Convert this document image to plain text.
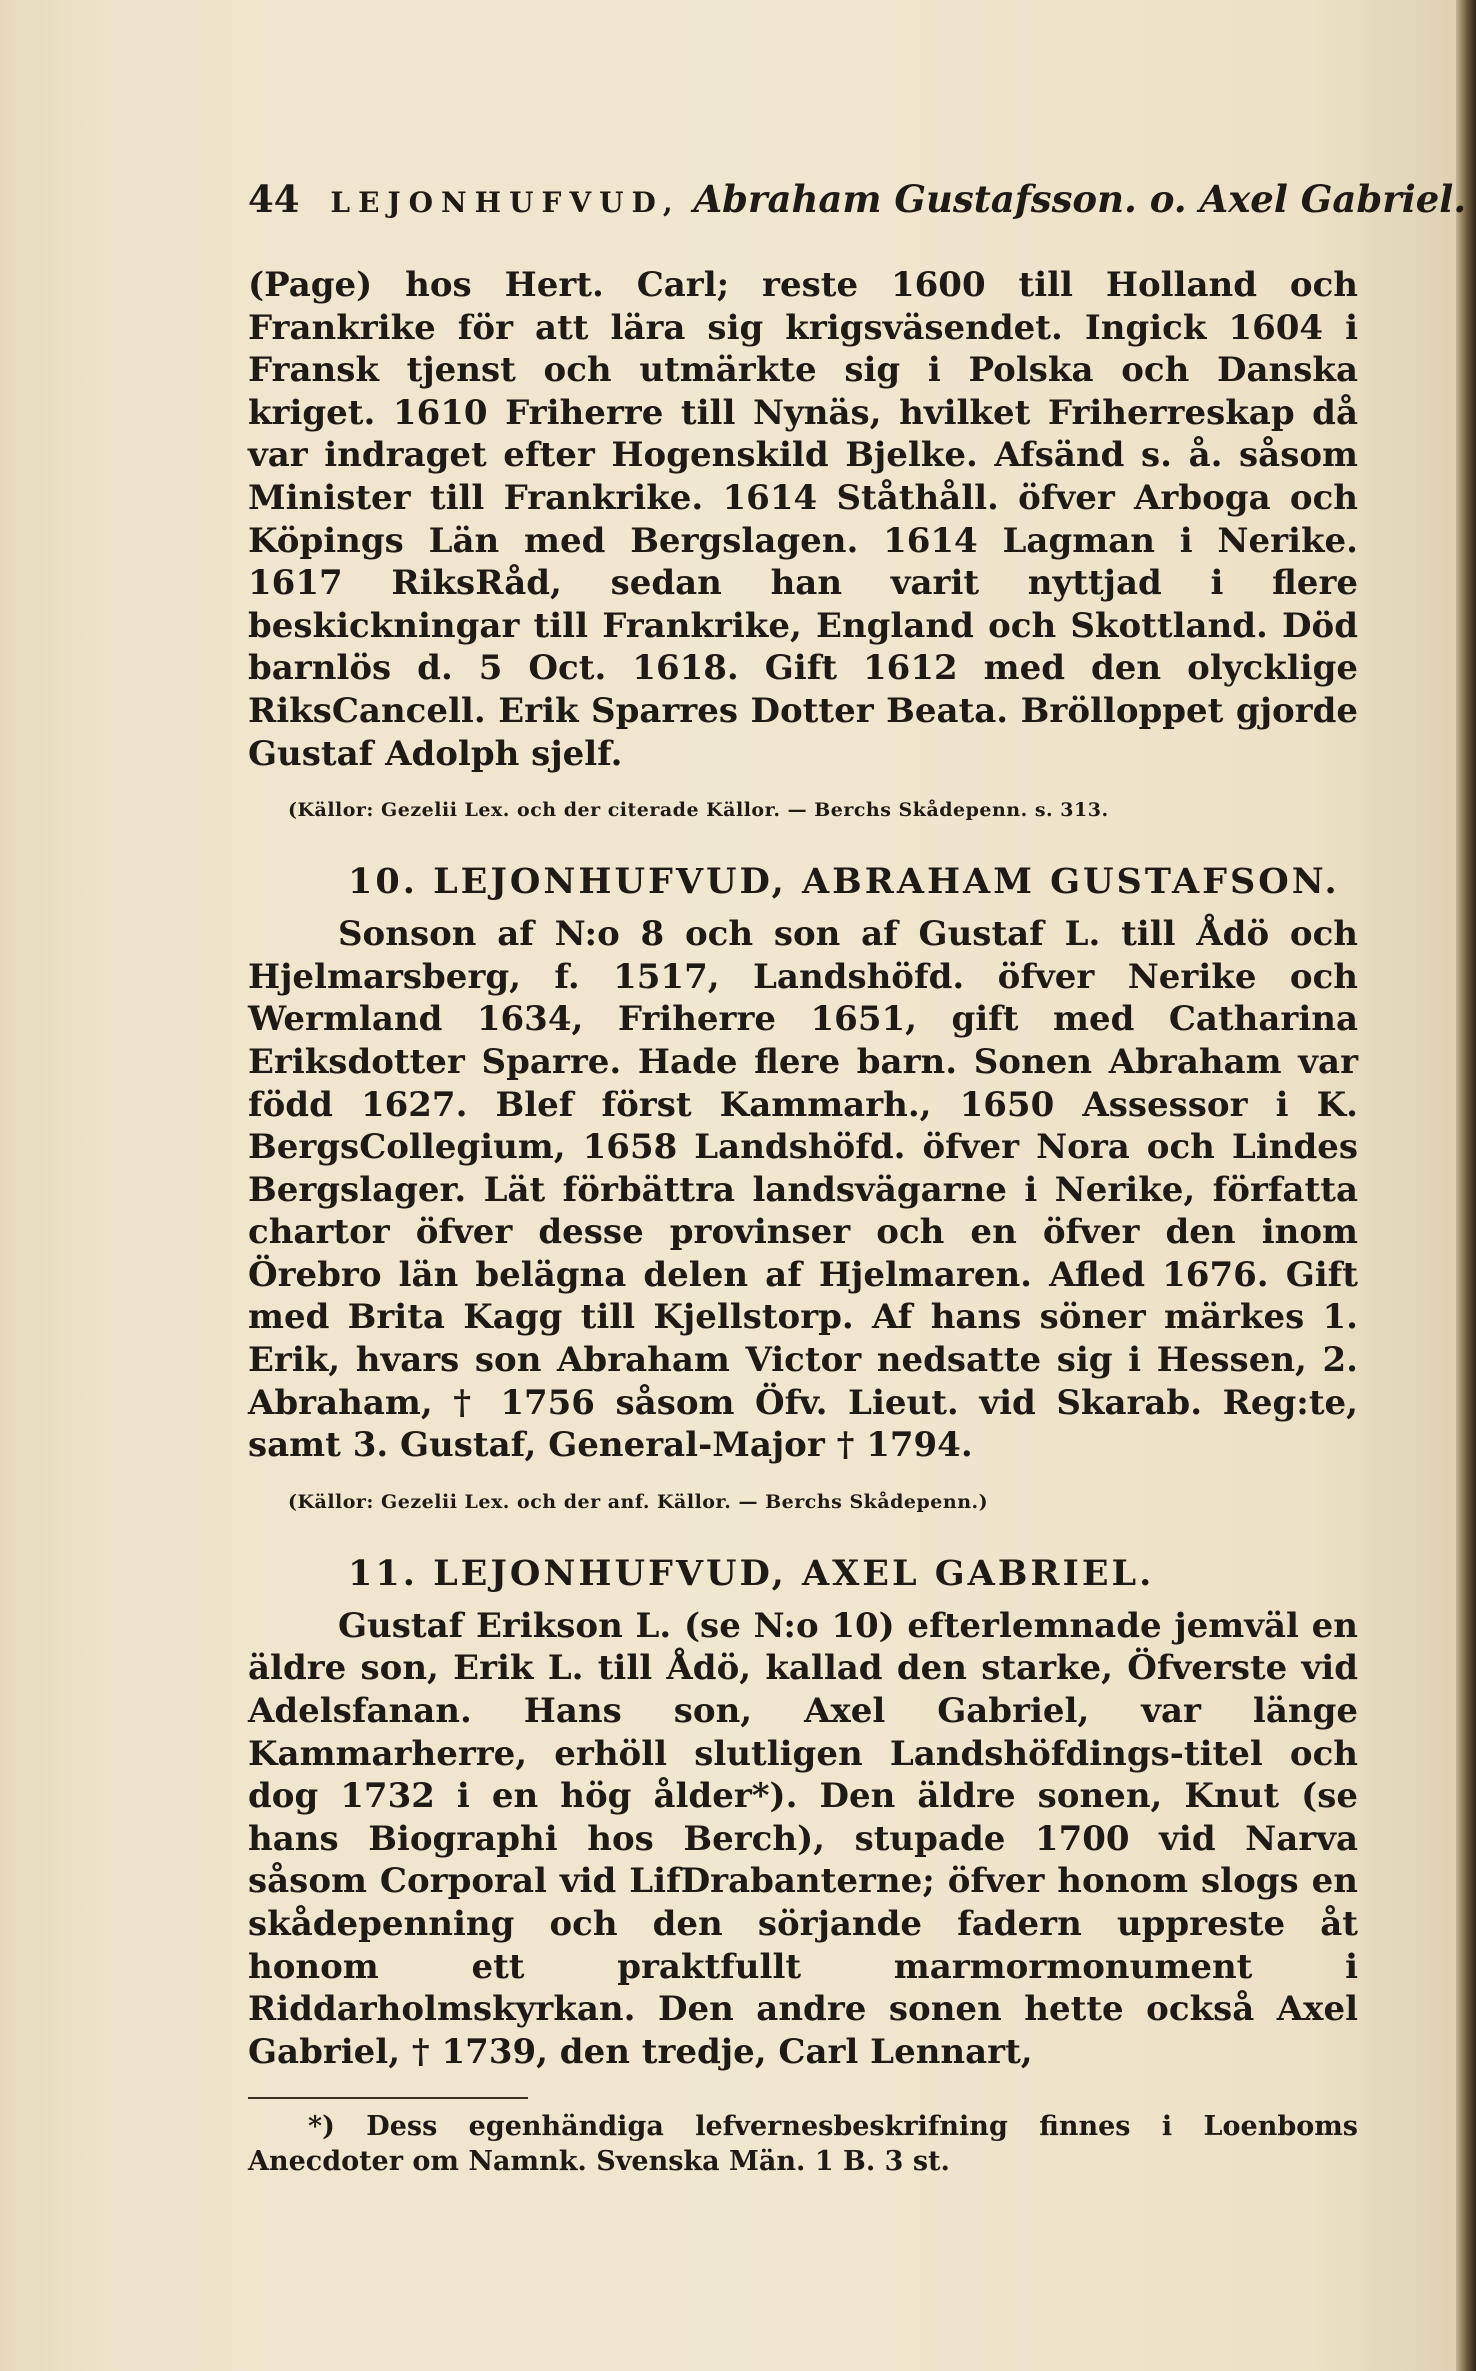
44 LEJONHUFVUD, Abraham Gustafsson. o. Axel Gabriel.

(Page) hos Hert. Carl; reste 1600 till Holland och Frankrike för att lära sig krigsväsendet. Ingick 1604 i Fransk tjenst och utmärkte sig i Polska och Danska kriget. 1610 Friherre till Nynäs, hvilket Friherreskap då var indraget efter Hogenskild Bjelke. Afsänd s. å. såsom Minister till Frankrike. 1614 Ståthåll. öfver Arboga och Köpings Län med Bergslagen. 1614 Lagman i Nerike. 1617 RiksRåd, sedan han varit nyttjad i flere beskickningar till Frankrike, England och Skottland. Död barnlös d. 5 Oct. 1618. Gift 1612 med den olycklige RiksCancell. Erik Sparres Dotter Beata. Brölloppet gjorde Gustaf Adolph sjelf.

(Källor: Gezelii Lex. och der citerade Källor. — Berchs Skådepenn. s. 313.
10. LEJONHUFVUD, ABRAHAM GUSTAFSON.

Sonson af N:o 8 och son af Gustaf L. till Ådö och Hjelmarsberg, f. 1517, Landshöfd. öfver Nerike och Wermland 1634, Friherre 1651, gift med Catharina Eriksdotter Sparre. Hade flere barn. Sonen Abraham var född 1627. Blef först Kammarh., 1650 Assessor i K. BergsCollegium, 1658 Landshöfd. öfver Nora och Lindes Bergslager. Lät förbättra landsvägarne i Nerike, författa chartor öfver desse provinser och en öfver den inom Örebro län belägna delen af Hjelmaren. Afled 1676. Gift med Brita Kagg till Kjellstorp. Af hans söner märkes 1. Erik, hvars son Abraham Victor nedsatte sig i Hessen, 2. Abraham, † 1756 såsom Öfv. Lieut. vid Skarab. Reg:te, samt 3. Gustaf, General-Major † 1794.

(Källor: Gezelii Lex. och der anf. Källor. — Berchs Skådepenn.)
11. LEJONHUFVUD, AXEL GABRIEL.

Gustaf Erikson L. (se N:o 10) efterlemnade jemväl en äldre son, Erik L. till Ådö, kallad den starke, Öfverste vid Adelsfanan. Hans son, Axel Gabriel, var länge Kammarherre, erhöll slutligen Landshöfdings-titel och dog 1732 i en hög ålder*). Den äldre sonen, Knut (se hans Biographi hos Berch), stupade 1700 vid Narva såsom Corporal vid LifDrabanterne; öfver honom slogs en skådepenning och den sörjande fadern uppreste åt honom ett praktfullt marmormonument i Riddarholmskyrkan. Den andre sonen hette också Axel Gabriel, † 1739, den tredje, Carl Lennart,

*) Dess egenhändiga lefvernesbeskrifning finnes i Loenboms Anecdoter om Namnk. Svenska Män. 1 B. 3 st.
